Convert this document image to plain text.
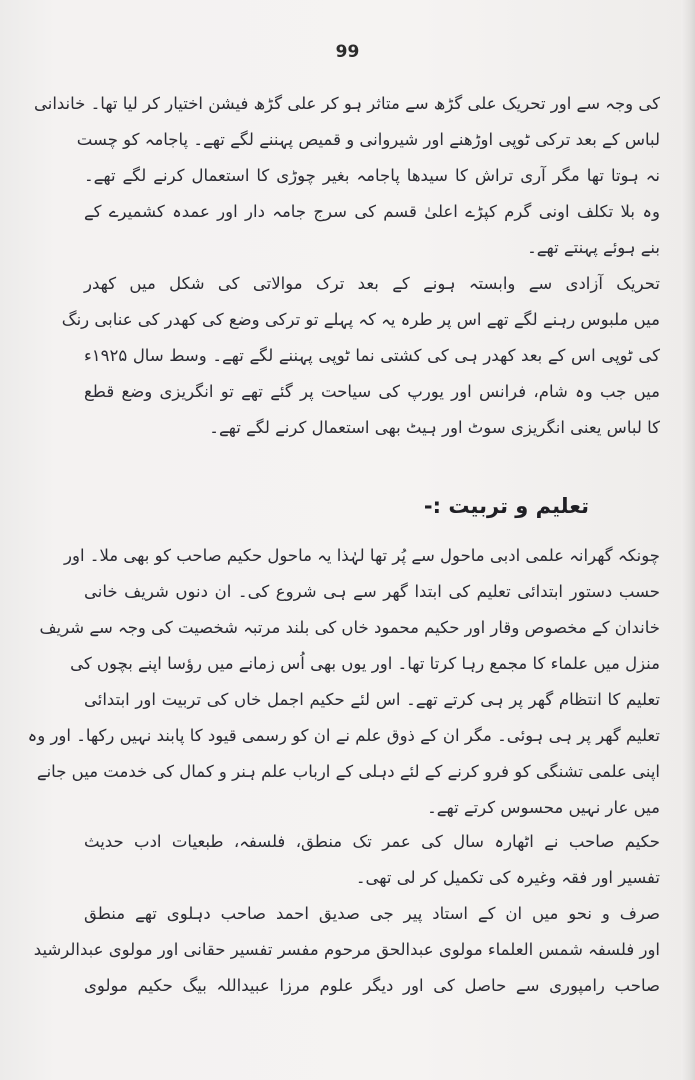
99
کی وجہ سے اور تحریک علی گڑھ سے متاثر ہو کر علی گڑھ فیشن اختیار کر لیا تھا۔ خاندانی
لباس کے بعد ترکی ٹوپی اوڑھنے اور شیروانی و قمیص پہننے لگے تھے۔ پاجامہ کو چست
نہ ہوتا تھا مگر آری تراش کا سیدھا پاجامہ بغیر چوڑی کا استعمال کرنے لگے تھے۔
وہ بلا تکلف اونی گرم کپڑے اعلیٰ قسم کی سرج جامہ دار اور عمدہ کشمیرے کے
بنے ہوئے پہنتے تھے۔
تحریک آزادی سے وابستہ ہونے کے بعد ترک موالاتی کی شکل میں کھدر
میں ملبوس رہنے لگے تھے اس پر طرہ یہ کہ پہلے تو ترکی وضع کی کھدر کی عنابی رنگ
کی ٹوپی اس کے بعد کھدر ہی کی کشتی نما ٹوپی پہننے لگے تھے۔ وسط سال ۱۹۲۵ء
میں جب وہ شام، فرانس اور یورپ کی سیاحت پر گئے تھے تو انگریزی وضع قطع
کا لباس یعنی انگریزی سوٹ اور ہیٹ بھی استعمال کرنے لگے تھے۔
تعلیم و تربیت :-
چونکہ گھرانہ علمی ادبی ماحول سے پُر تھا لہٰذا یہ ماحول حکیم صاحب کو بھی ملا۔ اور
حسب دستور ابتدائی تعلیم کی ابتدا گھر سے ہی شروع کی۔ ان دنوں شریف خانی
خاندان کے مخصوص وقار اور حکیم محمود خاں کی بلند مرتبہ شخصیت کی وجہ سے شریف
منزل میں علماء کا مجمع رہا کرتا تھا۔ اور یوں بھی اُس زمانے میں رؤسا اپنے بچوں کی
تعلیم کا انتظام گھر پر ہی کرتے تھے۔ اس لئے حکیم اجمل خاں کی تربیت اور ابتدائی
تعلیم گھر پر ہی ہوئی۔ مگر ان کے ذوق علم نے ان کو رسمی قیود کا پابند نہیں رکھا۔ اور وہ
اپنی علمی تشنگی کو فرو کرنے کے لئے دہلی کے ارباب علم ہنر و کمال کی خدمت میں جانے
میں عار نہیں محسوس کرتے تھے۔
حکیم صاحب نے اٹھارہ سال کی عمر تک منطق، فلسفہ، طبعیات ادب حدیث
تفسیر اور فقہ وغیرہ کی تکمیل کر لی تھی۔
صرف و نحو میں ان کے استاد پیر جی صدیق احمد صاحب دہلوی تھے منطق
اور فلسفہ شمس العلماء مولوی عبدالحق مرحوم مفسر تفسیر حقانی اور مولوی عبدالرشید
صاحب رامپوری سے حاصل کی اور دیگر علوم مرزا عبیداللہ بیگ حکیم مولوی
